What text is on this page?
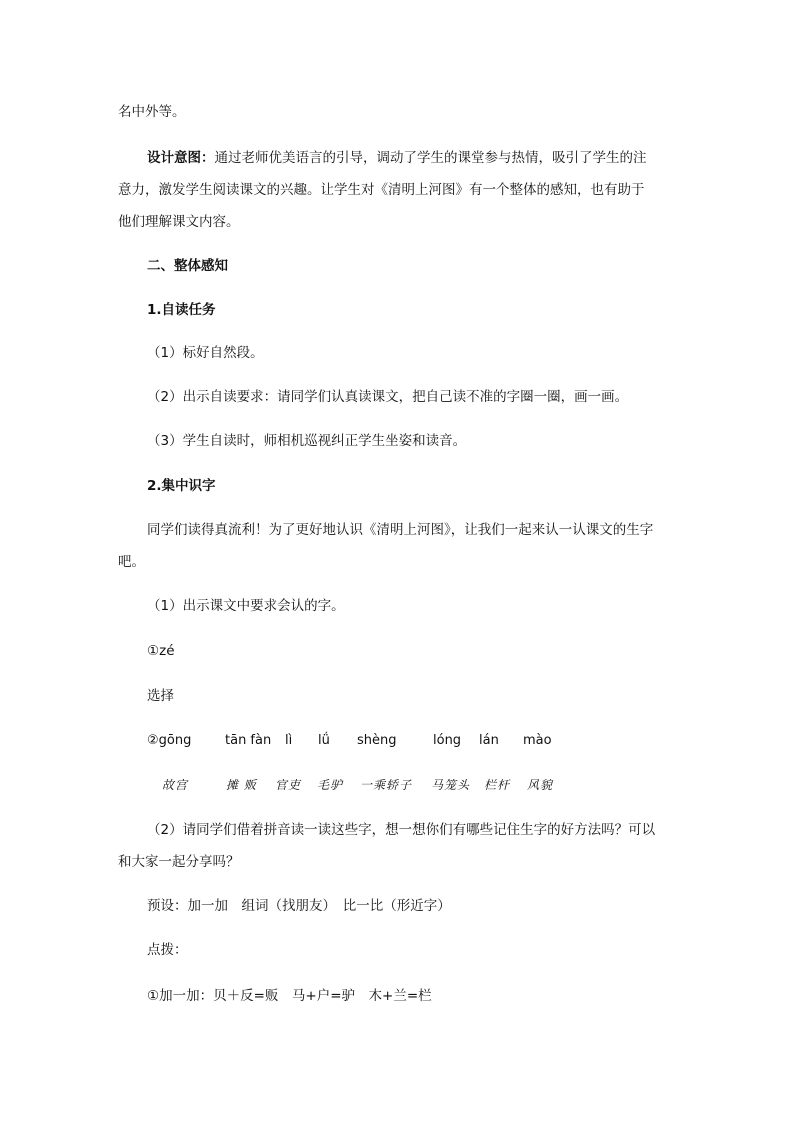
名中外等。
设计意图：通过老师优美语言的引导，调动了学生的课堂参与热情，吸引了学生的注
意力，激发学生阅读课文的兴趣。让学生对《清明上河图》有一个整体的感知，也有助于
他们理解课文内容。
二、整体感知
1.自读任务
（1）标好自然段。
（2）出示自读要求：请同学们认真读课文，把自己读不准的字圈一圈，画一画。
（3）学生自读时，师相机巡视纠正学生坐姿和读音。
2.集中识字
同学们读得真流利！为了更好地认识《清明上河图》，让我们一起来认一认课文的生字
吧。
（1）出示课文中要求会认的字。
①zé
选择
②gōng	tān fàn lì lǘ shèng	lóng lán mào
故宫	摊 贩 官吏 毛驴 一乘轿子 马笼头 栏杆 风貌
（2）请同学们借着拼音读一读这些字，想一想你们有哪些记住生字的好方法吗？可以
和大家一起分享吗？
预设：加一加　组词（找朋友）　比一比（形近字）
点拨：
①加一加：贝＋反=贩　马+户=驴　木+兰=栏
